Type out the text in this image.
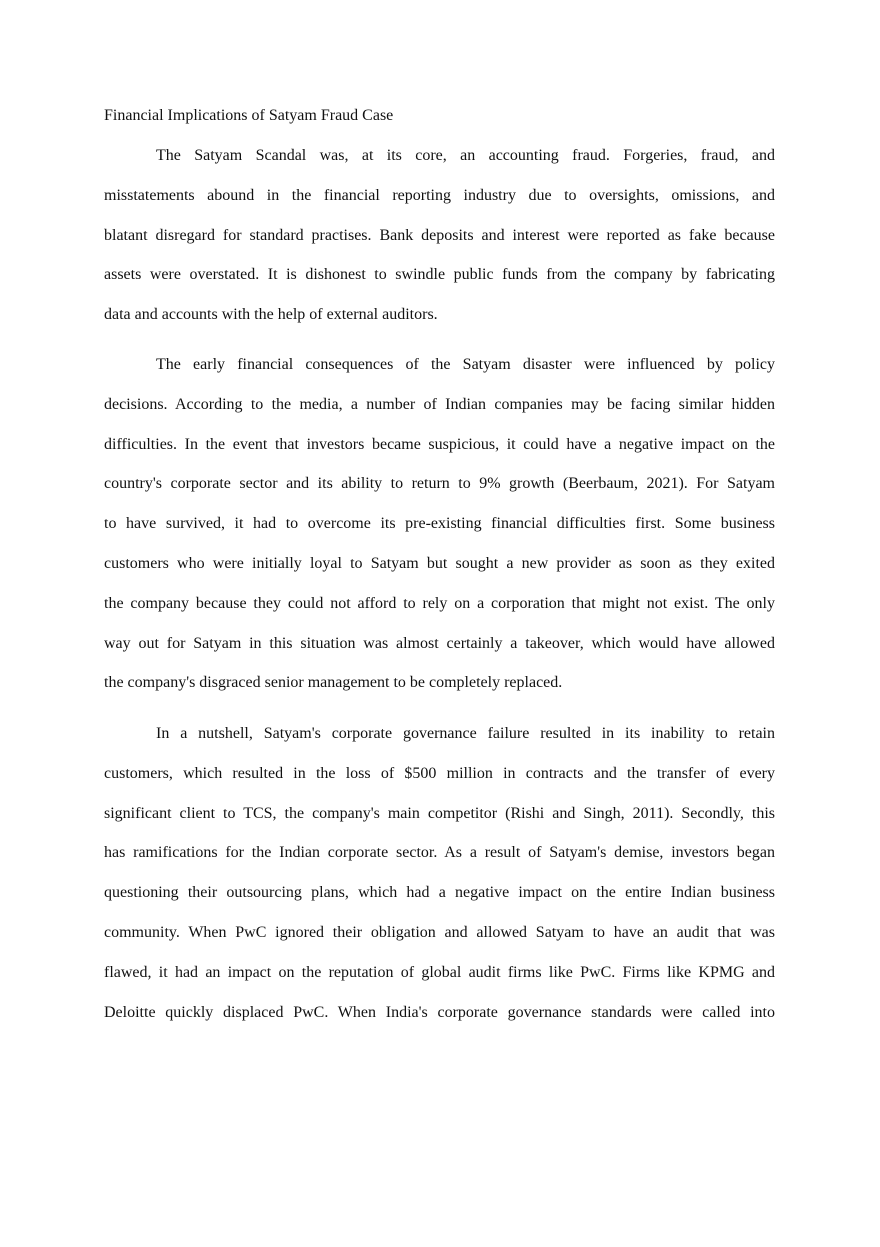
Financial Implications of Satyam Fraud Case
The Satyam Scandal was, at its core, an accounting fraud. Forgeries, fraud, and
misstatements abound in the financial reporting industry due to oversights, omissions, and
blatant disregard for standard practises. Bank deposits and interest were reported as fake because
assets were overstated. It is dishonest to swindle public funds from the company by fabricating
data and accounts with the help of external auditors.
The early financial consequences of the Satyam disaster were influenced by policy
decisions. According to the media, a number of Indian companies may be facing similar hidden
difficulties. In the event that investors became suspicious, it could have a negative impact on the
country's corporate sector and its ability to return to 9% growth (Beerbaum, 2021). For Satyam
to have survived, it had to overcome its pre-existing financial difficulties first. Some business
customers who were initially loyal to Satyam but sought a new provider as soon as they exited
the company because they could not afford to rely on a corporation that might not exist. The only
way out for Satyam in this situation was almost certainly a takeover, which would have allowed
the company's disgraced senior management to be completely replaced.
In a nutshell, Satyam's corporate governance failure resulted in its inability to retain
customers, which resulted in the loss of $500 million in contracts and the transfer of every
significant client to TCS, the company's main competitor (Rishi and Singh, 2011). Secondly, this
has ramifications for the Indian corporate sector. As a result of Satyam's demise, investors began
questioning their outsourcing plans, which had a negative impact on the entire Indian business
community. When PwC ignored their obligation and allowed Satyam to have an audit that was
flawed, it had an impact on the reputation of global audit firms like PwC. Firms like KPMG and
Deloitte quickly displaced PwC. When India's corporate governance standards were called into
